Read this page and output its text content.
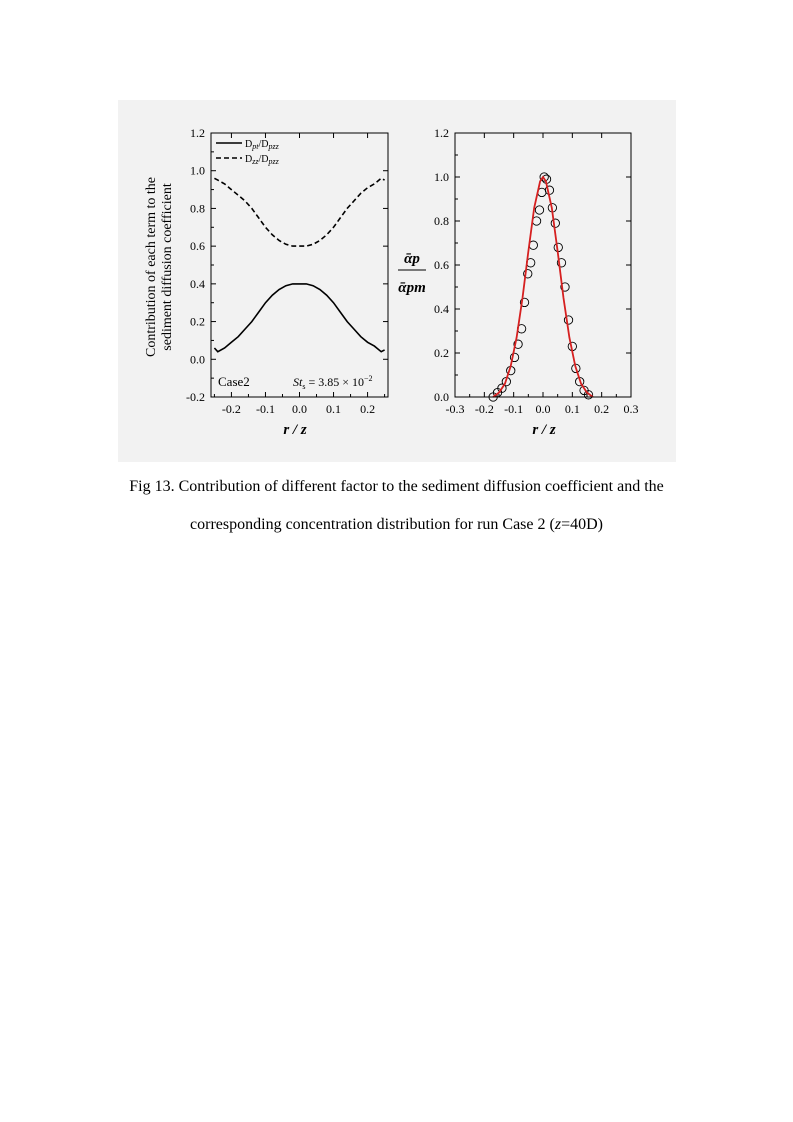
-0.2 -0.1 0.0 0.1 0.2
-0.2
0.0
0.2
0.4
0.6
0.8
1.0
1.2
Dpt/Dpzz
Dzz/Dpzz
Case2	Sts = 3.85 × 10−2
r / z
Contribution of each term to the sediment diffusion coefficient
-0.3 -0.2 -0.1 0.0 0.1 0.2 0.3
0.0
0.2
0.4
0.6
0.8
1.0
1.2
ᾱp
ᾱpm
r / z
Fig 13. Contribution of different factor to the sediment diffusion coefficient and the
corresponding concentration distribution for run Case 2 (z=40D)
